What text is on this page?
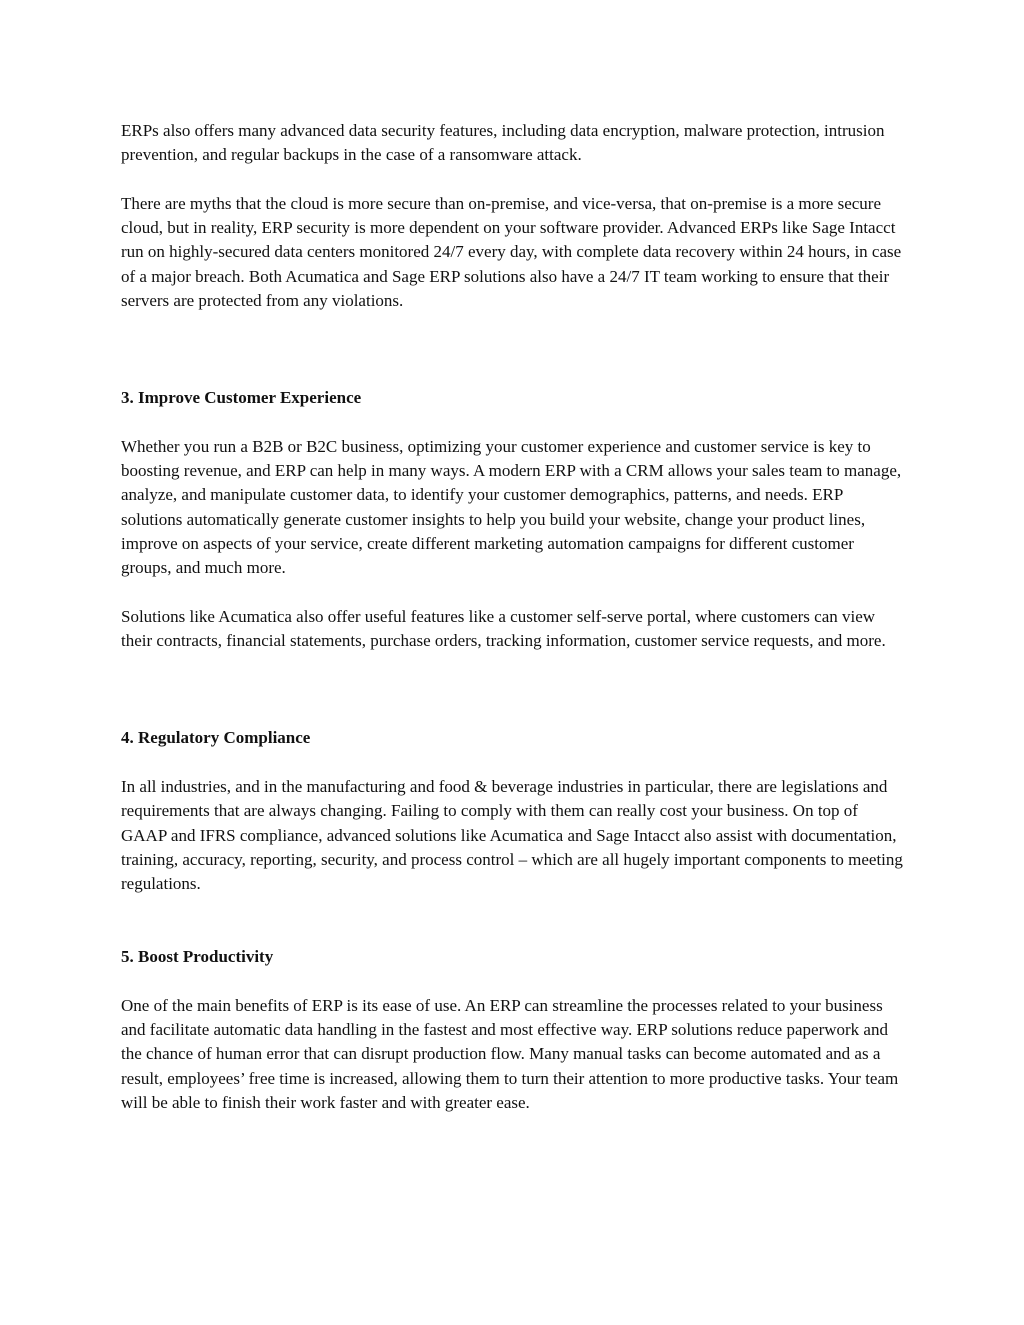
ERPs also offers many advanced data security features, including data encryption, malware protection, intrusion prevention, and regular backups in the case of a ransomware attack.

There are myths that the cloud is more secure than on-premise, and vice-versa, that on-premise is a more secure cloud, but in reality, ERP security is more dependent on your software provider. Advanced ERPs like Sage Intacct run on highly-secured data centers monitored 24/7 every day, with complete data recovery within 24 hours, in case of a major breach. Both Acumatica and Sage ERP solutions also have a 24/7 IT team working to ensure that their servers are protected from any violations.

3. Improve Customer Experience

Whether you run a B2B or B2C business, optimizing your customer experience and customer service is key to boosting revenue, and ERP can help in many ways. A modern ERP with a CRM allows your sales team to manage, analyze, and manipulate customer data, to identify your customer demographics, patterns, and needs. ERP solutions automatically generate customer insights to help you build your website, change your product lines, improve on aspects of your service, create different marketing automation campaigns for different customer groups, and much more.

Solutions like Acumatica also offer useful features like a customer self-serve portal, where customers can view their contracts, financial statements, purchase orders, tracking information, customer service requests, and more.

4. Regulatory Compliance

In all industries, and in the manufacturing and food & beverage industries in particular, there are legislations and requirements that are always changing. Failing to comply with them can really cost your business. On top of GAAP and IFRS compliance, advanced solutions like Acumatica and Sage Intacct also assist with documentation, training, accuracy, reporting, security, and process control – which are all hugely important components to meeting regulations.

5. Boost Productivity

One of the main benefits of ERP is its ease of use. An ERP can streamline the processes related to your business and facilitate automatic data handling in the fastest and most effective way. ERP solutions reduce paperwork and the chance of human error that can disrupt production flow. Many manual tasks can become automated and as a result, employees’ free time is increased, allowing them to turn their attention to more productive tasks. Your team will be able to finish their work faster and with greater ease.
